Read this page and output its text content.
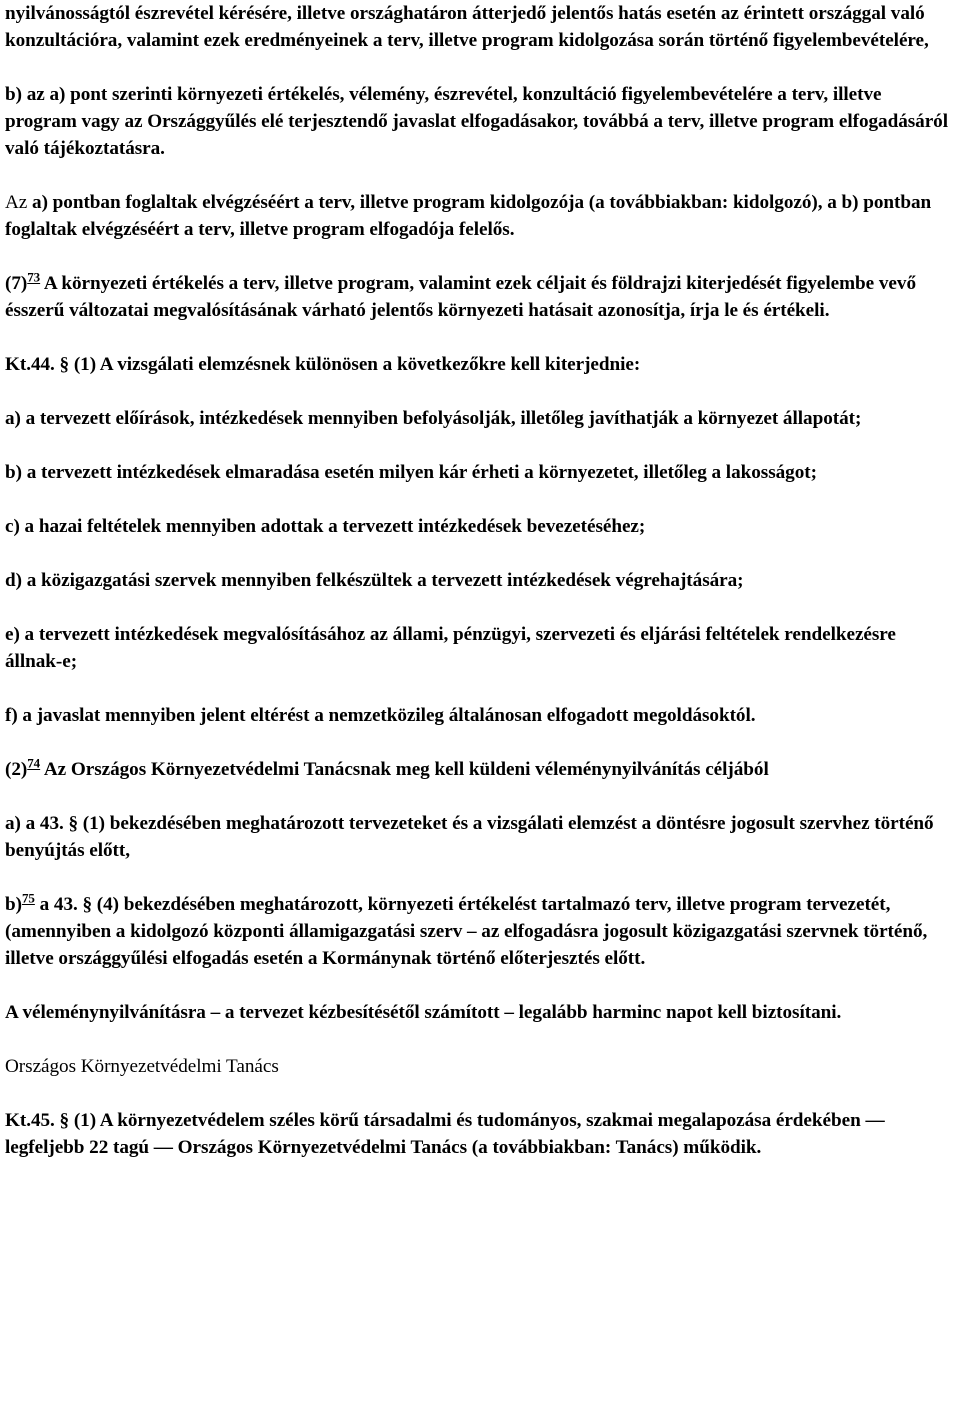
nyilvánosságtól észrevétel kérésére, illetve országhatáron átterjedő jelentős hatás esetén az érintett országgal való konzultációra, valamint ezek eredményeinek a terv, illetve program kidolgozása során történő figyelembevételére,

b) az a) pont szerinti környezeti értékelés, vélemény, észrevétel, konzultáció figyelembevételére a terv, illetve program vagy az Országgyűlés elé terjesztendő javaslat elfogadásakor, továbbá a terv, illetve program elfogadásáról való tájékoztatásra.

Az a) pontban foglaltak elvégzéséért a terv, illetve program kidolgozója (a továbbiakban: kidolgozó), a b) pontban foglaltak elvégzéséért a terv, illetve program elfogadója felelős.

(7)$^{73}$ A környezeti értékelés a terv, illetve program, valamint ezek céljait és földrajzi kiterjedését figyelembe vevő ésszerű változatai megvalósításának várható jelentős környezeti hatásait azonosítja, írja le és értékeli.

Kt.44. § (1) A vizsgálati elemzésnek különösen a következőkre kell kiterjednie:

a) a tervezett előírások, intézkedések mennyiben befolyásolják, illetőleg javíthatják a környezet állapotát;

b) a tervezett intézkedések elmaradása esetén milyen kár érheti a környezetet, illetőleg a lakosságot;

c) a hazai feltételek mennyiben adottak a tervezett intézkedések bevezetéséhez;

d) a közigazgatási szervek mennyiben felkészültek a tervezett intézkedések végrehajtására;

e) a tervezett intézkedések megvalósításához az állami, pénzügyi, szervezeti és eljárási feltételek rendelkezésre állnak-e;

f) a javaslat mennyiben jelent eltérést a nemzetközileg általánosan elfogadott megoldásoktól.

(2)$^{74}$ Az Országos Környezetvédelmi Tanácsnak meg kell küldeni véleménynyilvánítás céljából

a) a 43. § (1) bekezdésében meghatározott tervezeteket és a vizsgálati elemzést a döntésre jogosult szervhez történő benyújtás előtt,

b)$^{75}$ a 43. § (4) bekezdésében meghatározott, környezeti értékelést tartalmazó terv, illetve program tervezetét, (amennyiben a kidolgozó központi államigazgatási szerv – az elfogadásra jogosult közigazgatási szervnek történő, illetve országgyűlési elfogadás esetén a Kormánynak történő előterjesztés előtt.

A véleménynyilvánításra – a tervezet kézbesítésétől számított – legalább harminc napot kell biztosítani.

Országos Környezetvédelmi Tanács

Kt.45. § (1) A környezetvédelem széles körű társadalmi és tudományos, szakmai megalapozása érdekében — legfeljebb 22 tagú — Országos Környezetvédelmi Tanács (a továbbiakban: Tanács) működik.
